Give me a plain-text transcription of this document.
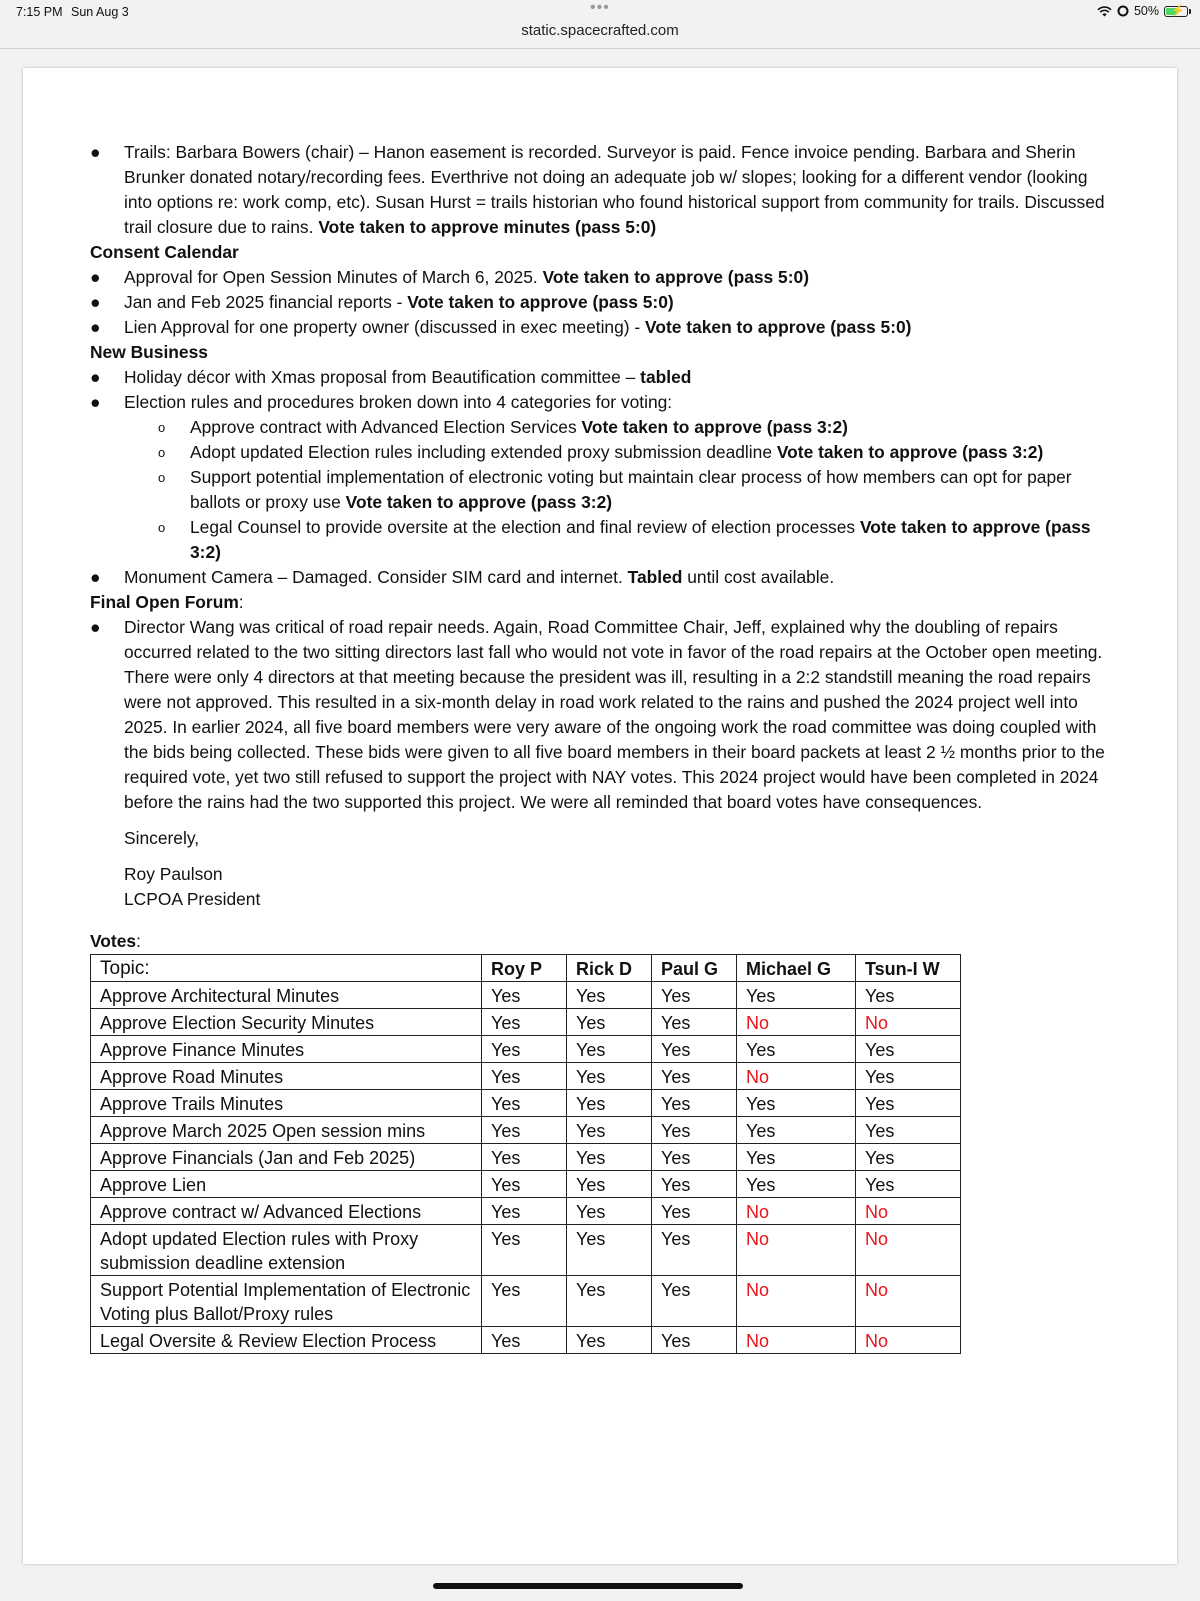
7:15 PM Sun Aug 3	50% ⚡
•••
static.spacecrafted.com
● Trails: Barbara Bowers (chair) – Hanon easement is recorded. Surveyor is paid. Fence invoice pending. Barbara and Sherin Brunker donated notary/recording fees. Everthrive not doing an adequate job w/ slopes; looking for a different vendor (looking into options re: work comp, etc). Susan Hurst = trails historian who found historical support from community for trails. Discussed trail closure due to rains. Vote taken to approve minutes (pass 5:0)
Consent Calendar
● Approval for Open Session Minutes of March 6, 2025. Vote taken to approve (pass 5:0)
● Jan and Feb 2025 financial reports - Vote taken to approve (pass 5:0)
● Lien Approval for one property owner (discussed in exec meeting) - Vote taken to approve (pass 5:0)
New Business
● Holiday décor with Xmas proposal from Beautification committee – tabled
● Election rules and procedures broken down into 4 categories for voting:
o Approve contract with Advanced Election Services Vote taken to approve (pass 3:2)
o Adopt updated Election rules including extended proxy submission deadline Vote taken to approve (pass 3:2)
o Support potential implementation of electronic voting but maintain clear process of how members can opt for paper ballots or proxy use Vote taken to approve (pass 3:2)
o Legal Counsel to provide oversite at the election and final review of election processes Vote taken to approve (pass 3:2)
● Monument Camera – Damaged. Consider SIM card and internet. Tabled until cost available.
Final Open Forum:
● Director Wang was critical of road repair needs. Again, Road Committee Chair, Jeff, explained why the doubling of repairs occurred related to the two sitting directors last fall who would not vote in favor of the road repairs at the October open meeting. There were only 4 directors at that meeting because the president was ill, resulting in a 2:2 standstill meaning the road repairs were not approved. This resulted in a six-month delay in road work related to the rains and pushed the 2024 project well into 2025. In earlier 2024, all five board members were very aware of the ongoing work the road committee was doing coupled with the bids being collected. These bids were given to all five board members in their board packets at least 2 ½ months prior to the required vote, yet two still refused to support the project with NAY votes. This 2024 project would have been completed in 2024 before the rains had the two supported this project. We were all reminded that board votes have consequences.
Sincerely,
Roy Paulson
LCPOA President
Votes:
Topic:	Roy P	Rick D	Paul G	Michael G	Tsun-I W
Approve Architectural Minutes	Yes	Yes	Yes	Yes	Yes
Approve Election Security Minutes	Yes	Yes	Yes	No	No
Approve Finance Minutes	Yes	Yes	Yes	Yes	Yes
Approve Road Minutes	Yes	Yes	Yes	No	Yes
Approve Trails Minutes	Yes	Yes	Yes	Yes	Yes
Approve March 2025 Open session mins	Yes	Yes	Yes	Yes	Yes
Approve Financials (Jan and Feb 2025)	Yes	Yes	Yes	Yes	Yes
Approve Lien	Yes	Yes	Yes	Yes	Yes
Approve contract w/ Advanced Elections	Yes	Yes	Yes	No	No
Adopt updated Election rules with Proxy submission deadline extension	Yes	Yes	Yes	No	No
Support Potential Implementation of Electronic Voting plus Ballot/Proxy rules	Yes	Yes	Yes	No	No
Legal Oversite & Review Election Process	Yes	Yes	Yes	No	No
